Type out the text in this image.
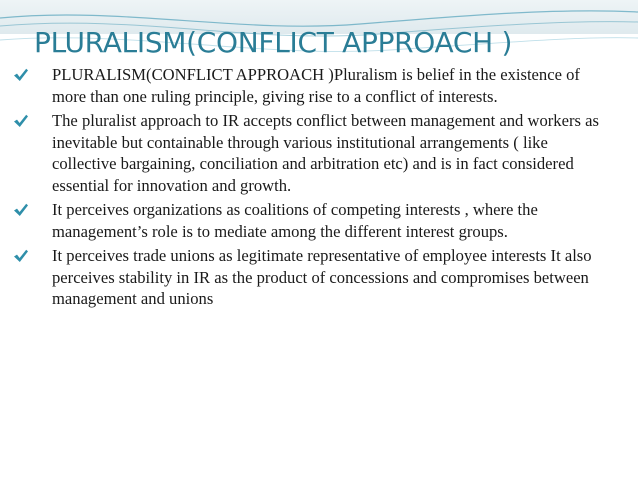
PLURALISM(CONFLICT APPROACH )
PLURALISM(CONFLICT APPROACH )Pluralism is belief in the existence of more than one ruling principle, giving rise to a conflict of interests.
The pluralist approach to IR accepts conflict between management and workers as inevitable but containable through various institutional arrangements ( like collective bargaining, conciliation and arbitration etc) and is in fact considered essential for innovation and growth.
It perceives organizations as coalitions of competing interests , where the management’s role is to mediate among the different interest groups.
It perceives trade unions as legitimate representative of employee interests It also perceives stability in IR as the product of concessions and compromises between management and unions
